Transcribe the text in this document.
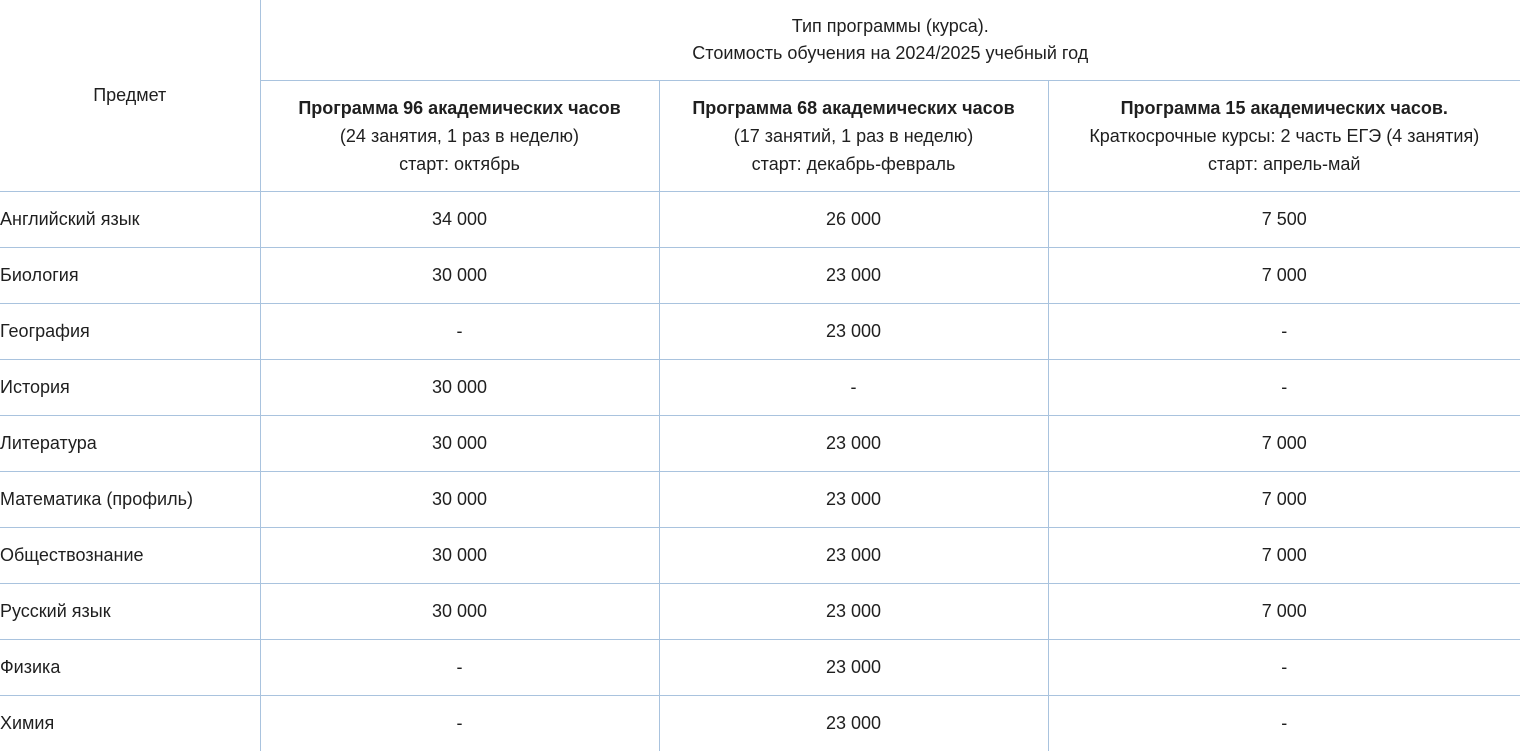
Предмет	Тип программы (курса).
Стоимость обучения на 2024/2025 учебный год		

	Программа 96 академических часов
(24 занятия, 1 раз в неделю)
старт: октябрь	Программа 68 академических часов
(17 занятий, 1 раз в неделю)
старт: декабрь-февраль	Программа 15 академических часов.
Краткосрочные курсы: 2 часть ЕГЭ (4 занятия)
старт: апрель-май

Английский язык	34 000	26 000	7 500
Биология	30 000	23 000	7 000
География	-	23 000	-
История	30 000	-	-
Литература	30 000	23 000	7 000
Математика (профиль)	30 000	23 000	7 000
Обществознание	30 000	23 000	7 000
Русский язык	30 000	23 000	7 000
Физика	-	23 000	-
Химия	-	23 000	-
